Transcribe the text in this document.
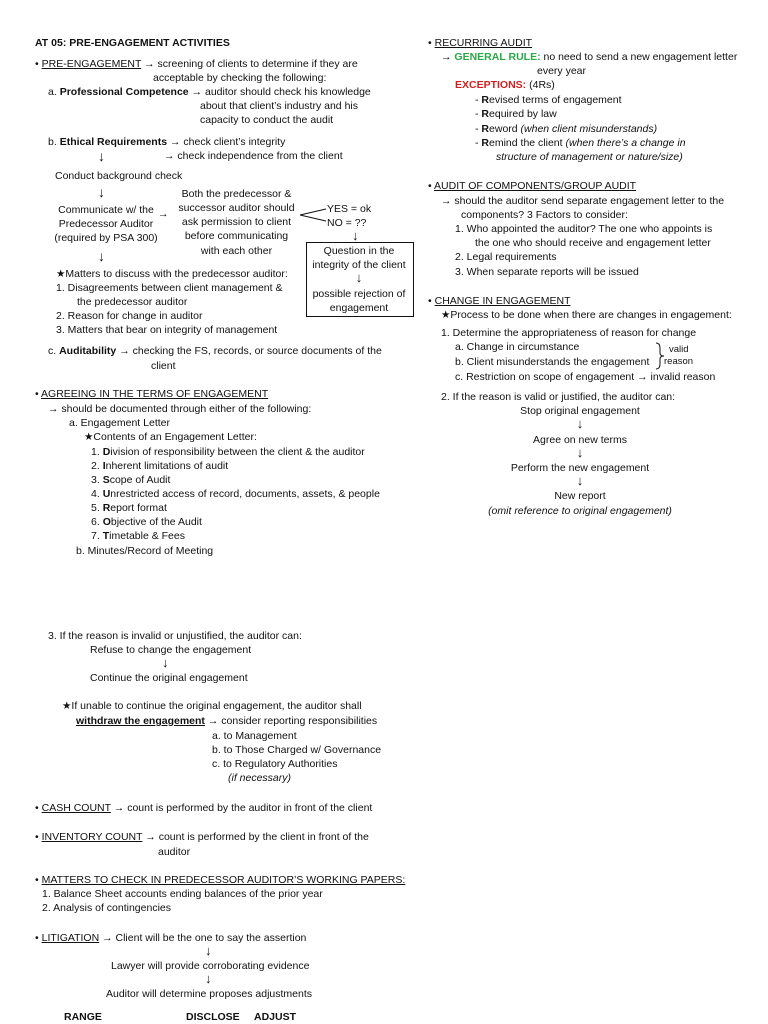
AT 05: PRE-ENGAGEMENT ACTIVITIES
• PRE-ENGAGEMENT → screening of clients to determine if they are
acceptable by checking the following:
a. Professional Competence → auditor should check his knowledge
about that client’s industry and his
capacity to conduct the audit
b. Ethical Requirements → check client’s integrity
↓	→ check independence from the client
Conduct background check
↓
Communicate w/ the
Predecessor Auditor
(required by PSA 300)
→
Both the predecessor &
successor auditor should
ask permission to client
before communicating
with each other
YES = ok
NO = ??
↓
Question in the
integrity of the client
↓
possible rejection of
engagement
↓
★Matters to discuss with the predecessor auditor:
1. Disagreements between client management &
the predecessor auditor
2. Reason for change in auditor
3. Matters that bear on integrity of management
c. Auditability → checking the FS, records, or source documents of the
client
• AGREEING IN THE TERMS OF ENGAGEMENT
→ should be documented through either of the following:
a. Engagement Letter
★Contents of an Engagement Letter:
1. Division of responsibility between the client & the auditor
2. Inherent limitations of audit
3. Scope of Audit
4. Unrestricted access of record, documents, assets, & people
5. Report format
6. Objective of the Audit
7. Timetable & Fees
b. Minutes/Record of Meeting
• RECURRING AUDIT
→ GENERAL RULE: no need to send a new engagement letter
every year
EXCEPTIONS: (4Rs)
- Revised terms of engagement
- Required by law
- Reword (when client misunderstands)
- Remind the client (when there’s a change in
structure of management or nature/size)
• AUDIT OF COMPONENTS/GROUP AUDIT
→ should the auditor send separate engagement letter to the
components? 3 Factors to consider:
1. Who appointed the auditor? The one who appoints is
the one who should receive and engagement letter
2. Legal requirements
3. When separate reports will be issued
• CHANGE IN ENGAGEMENT
★Process to be done when there are changes in engagement:
1. Determine the appropriateness of reason for change
a. Change in circumstance
b. Client misunderstands the engagement
valid
reason
c. Restriction on scope of engagement → invalid reason
2. If the reason is valid or justified, the auditor can:
Stop original engagement
↓
Agree on new terms
↓
Perform the new engagement
↓
New report
(omit reference to original engagement)
3. If the reason is invalid or unjustified, the auditor can:
Refuse to change the engagement
↓
Continue the original engagement
★If unable to continue the original engagement, the auditor shall
withdraw the engagement → consider reporting responsibilities
a. to Management
b. to Those Charged w/ Governance
c. to Regulatory Authorities
(if necessary)
• CASH COUNT → count is performed by the auditor in front of the client
• INVENTORY COUNT → count is performed by the client in front of the
auditor
• MATTERS TO CHECK IN PREDECESSOR AUDITOR’S WORKING PAPERS:
1. Balance Sheet accounts ending balances of the prior year
2. Analysis of contingencies
• LITIGATION → Client will be the one to say the assertion
↓
Lawyer will provide corroborating evidence
↓
Auditor will determine proposes adjustments
RANGE	DISCLOSE ADJUST
